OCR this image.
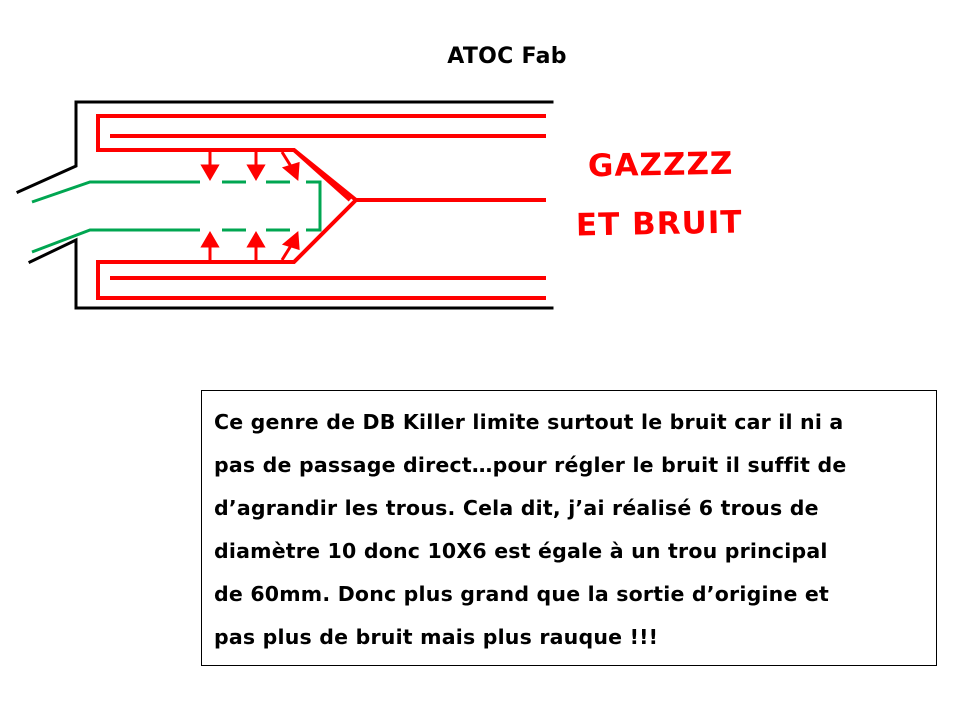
ATOC Fab
GAZZZZ
ET BRUIT

Ce genre de DB Killer limite surtout le bruit car il ni a
pas de passage direct…pour régler le bruit il suffit de
d’agrandir les trous. Cela dit, j’ai réalisé 6 trous de
diamètre 10 donc 10X6 est égale à un trou principal
de 60mm. Donc plus grand que la sortie d’origine et
pas plus de bruit mais plus rauque !!!
